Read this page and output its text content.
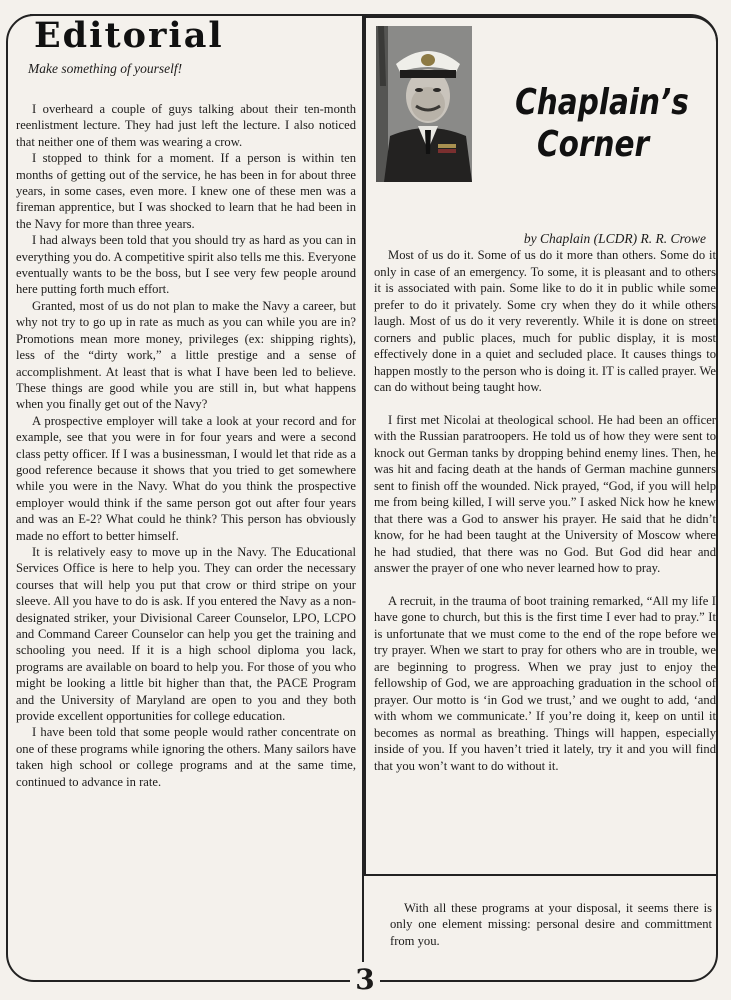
Editorial
Make something of yourself!

I overheard a couple of guys talking about their ten-month reenlistment lecture. They had just left the lecture. I also noticed that neither one of them was wearing a crow.

I stopped to think for a moment. If a person is within ten months of getting out of the service, he has been in for about three years, in some cases, even more. I knew one of these men was a fireman apprentice, but I was shocked to learn that he had been in the Navy for more than three years.

I had always been told that you should try as hard as you can in everything you do. A competitive spirit also tells me this. Everyone eventually wants to be the boss, but I see very few people around here putting forth much effort.

Granted, most of us do not plan to make the Navy a career, but why not try to go up in rate as much as you can while you are in? Promotions mean more money, privileges (ex: shipping rights), less of the “dirty work,” a little prestige and a sense of accomplishment. At least that is what I have been led to believe. These things are good while you are still in, but what happens when you finally get out of the Navy?

A prospective employer will take a look at your record and for example, see that you were in for four years and were a second class petty officer. If I was a businessman, I would let that ride as a good reference because it shows that you tried to get somewhere while you were in the Navy. What do you think the prospective employer would think if the same person got out after four years and was an E-2? What could he think? This person has obviously made no effort to better himself.

It is relatively easy to move up in the Navy. The Educational Services Office is here to help you. They can order the necessary courses that will help you put that crow or third stripe on your sleeve. All you have to do is ask. If you entered the Navy as a non-designated striker, your Divisional Career Counselor, LPO, LCPO and Command Career Counselor can help you get the training and schooling you need. If it is a high school diploma you lack, programs are available on board to help you. For those of you who might be looking a little bit higher than that, the PACE Program and the University of Maryland are open to you and they both provide excellent opportunities for college education.

I have been told that some people would rather concentrate on one of these programs while ignoring the others. Many sailors have taken high school or college programs and at the same time, continued to advance in rate.

Chaplain’s
Corner
by Chaplain (LCDR) R. R. Crowe

Most of us do it. Some of us do it more than others. Some do it only in case of an emergency. To some, it is pleasant and to others it is associated with pain. Some like to do it in public while some prefer to do it privately. Some cry when they do it while others laugh. Most of us do it very reverently. While it is done on street corners and public places, much for public display, it is most effectively done in a quiet and secluded place. It causes things to happen mostly to the person who is doing it. IT is called prayer. We can do without being taught how.

I first met Nicolai at theological school. He had been an officer with the Russian paratroopers. He told us of how they were sent to knock out German tanks by dropping behind enemy lines. Then, he was hit and facing death at the hands of German machine gunners sent to finish off the wounded. Nick prayed, “God, if you will help me from being killed, I will serve you.” I asked Nick how he knew that there was a God to answer his prayer. He said that he didn’t know, for he had been taught at the University of Moscow where he had studied, that there was no God. But God did hear and answer the prayer of one who never learned how to pray.

A recruit, in the trauma of boot training remarked, “All my life I have gone to church, but this is the first time I ever had to pray.” It is unfortunate that we must come to the end of the rope before we try prayer. When we start to pray for others who are in trouble, we are beginning to progress. When we pray just to enjoy the fellowship of God, we are approaching graduation in the school of prayer. Our motto is ‘in God we trust,’ and we ought to add, ‘and with whom we communicate.’ If you’re doing it, keep on until it becomes as normal as breathing. Things will happen, especially inside of you. If you haven’t tried it lately, try it and you will find that you won’t want to do without it.

With all these programs at your disposal, it seems there is only one element missing: personal desire and committment from you.

3
